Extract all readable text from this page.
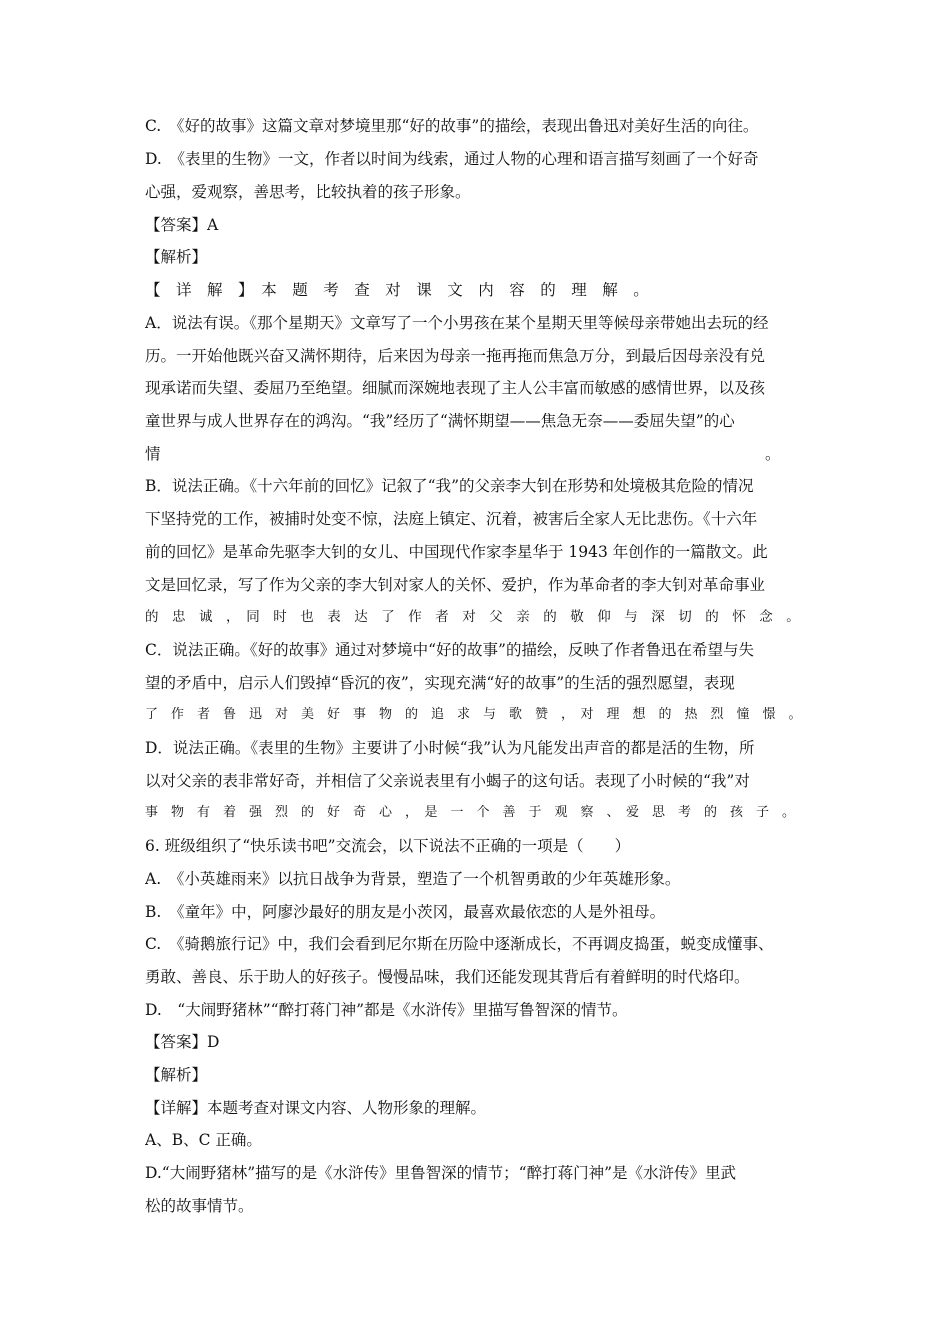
C.　《好的故事》这篇文章对梦境里那“好的故事”的描绘，表现出鲁迅对美好生活的向往。
D.　《表里的生物》一文，作者以时间为线索，通过人物的心理和语言描写刻画了一个好奇
心强，爱观察，善思考，比较执着的孩子形象。
【答案】A
【解析】
【　详　解　】　本　题　考　查　对　课　文　内　容　的　理　解　。
A．说法有误。《那个星期天》文章写了一个小男孩在某个星期天里等候母亲带她出去玩的经
历。一开始他既兴奋又满怀期待，后来因为母亲一拖再拖而焦急万分，到最后因母亲没有兑
现承诺而失望、委屈乃至绝望。细腻而深婉地表现了主人公丰富而敏感的感情世界，以及孩
童世界与成人世界存在的鸿沟。“我”经历了“满怀期望——焦急无奈——委屈失望”的心
情　　　　　　　　　　　　　　　　　　　　　　　　　　　　　　　　　　　　　　　。
B．说法正确。《十六年前的回忆》记叙了“我”的父亲李大钊在形势和处境极其危险的情况
下坚持党的工作，被捕时处变不惊，法庭上镇定、沉着，被害后全家人无比悲伤。《十六年
前的回忆》是革命先驱李大钊的女儿、中国现代作家李星华于 1943 年创作的一篇散文。此
文是回忆录，写了作为父亲的李大钊对家人的关怀、爱护，作为革命者的李大钊对革命事业
的　忠　诚　，　同　时　也　表　达　了　作　者　对　父　亲　的　敬　仰　与　深　切　的　怀　念　。
C．说法正确。《好的故事》通过对梦境中“好的故事”的描绘，反映了作者鲁迅在希望与失
望的矛盾中，启示人们毁掉“昏沉的夜”，实现充满“好的故事”的生活的强烈愿望，表现
了　作　者　鲁　迅　对　美　好　事　物　的　追　求　与　歌　赞　，　对　理　想　的　热　烈　憧　憬　。
D．说法正确。《表里的生物》主要讲了小时候“我”认为凡能发出声音的都是活的生物，所
以对父亲的表非常好奇，并相信了父亲说表里有小蝎子的这句话。表现了小时候的“我”对
事　物　有　着　强　烈　的　好　奇　心　，　是　一　个　善　于　观　察　、　爱　思　考　的　孩　子　。
6. 班级组织了“快乐读书吧”交流会，以下说法不正确的一项是（　　）
A.　《小英雄雨来》以抗日战争为背景，塑造了一个机智勇敢的少年英雄形象。
B.　《童年》中，阿廖沙最好的朋友是小茨冈，最喜欢最依恋的人是外祖母。
C.　《骑鹅旅行记》中，我们会看到尼尔斯在历险中逐渐成长，不再调皮捣蛋，蜕变成懂事、
勇敢、善良、乐于助人的好孩子。慢慢品味，我们还能发现其背后有着鲜明的时代烙印。
D.　“大闹野猪林”“醉打蒋门神”都是《水浒传》里描写鲁智深的情节。
【答案】D
【解析】
【详解】本题考查对课文内容、人物形象的理解。
A、B、C 正确。
D.“大闹野猪林”描写的是《水浒传》里鲁智深的情节；“醉打蒋门神”是《水浒传》里武
松的故事情节。
